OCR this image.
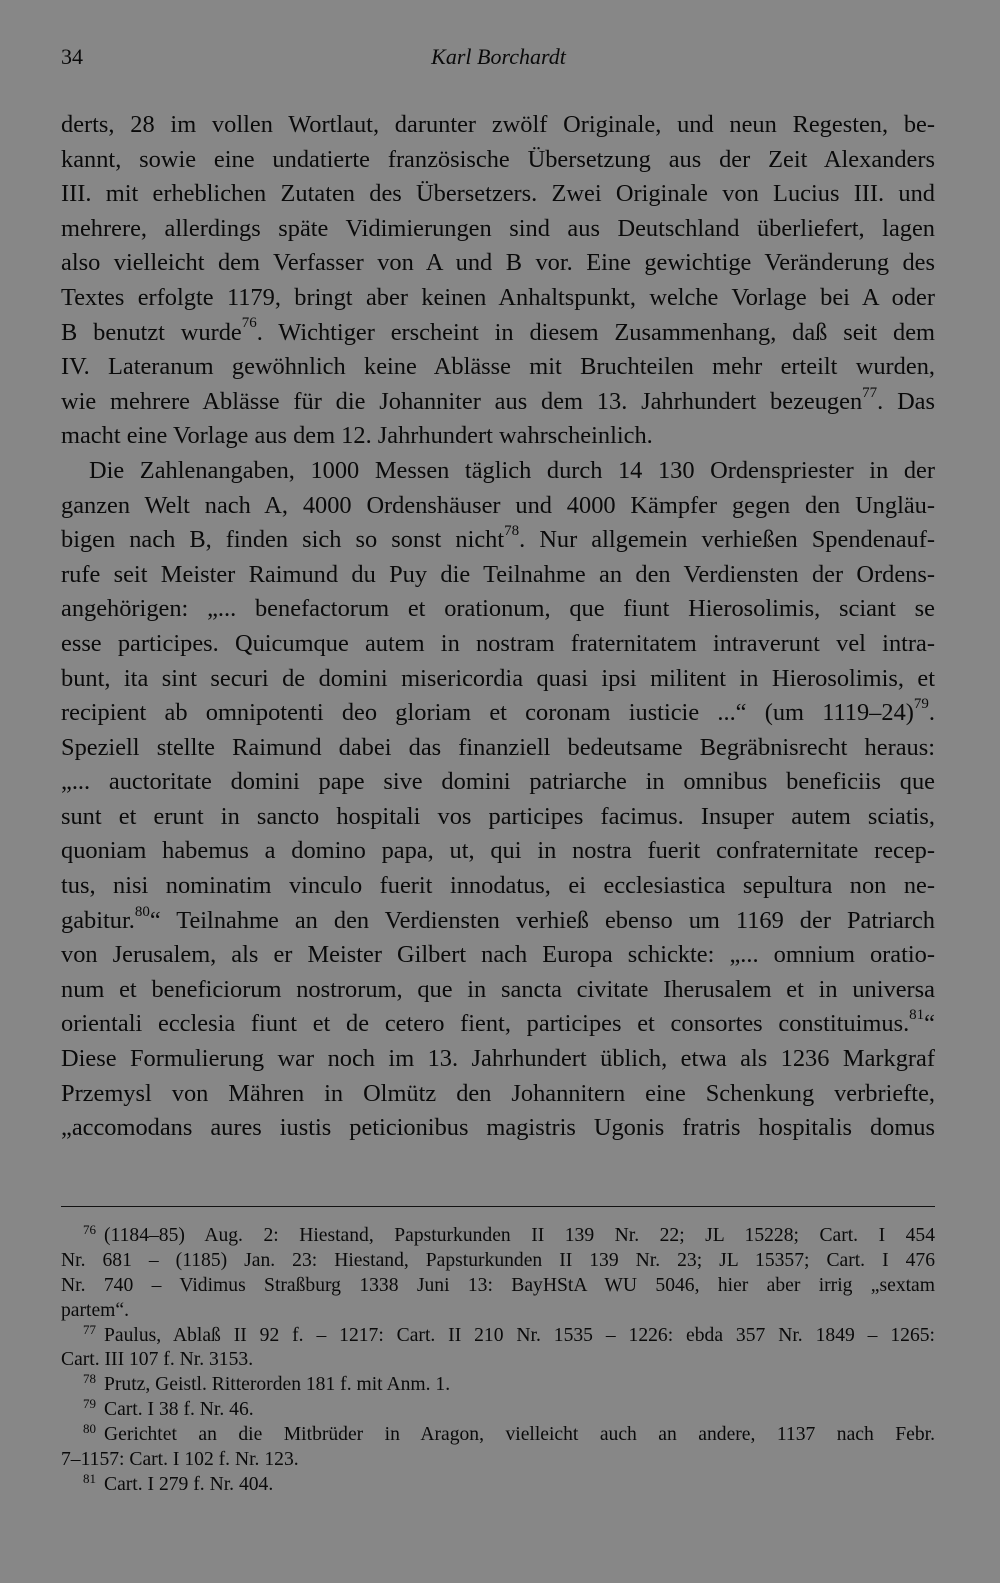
34	Karl Borchardt
derts, 28 im vollen Wortlaut, darunter zwölf Originale, und neun Regesten, be-
kannt, sowie eine undatierte französische Übersetzung aus der Zeit Alexanders
III. mit erheblichen Zutaten des Übersetzers. Zwei Originale von Lucius III. und
mehrere, allerdings späte Vidimierungen sind aus Deutschland überliefert, lagen
also vielleicht dem Verfasser von A und B vor. Eine gewichtige Veränderung des
Textes erfolgte 1179, bringt aber keinen Anhaltspunkt, welche Vorlage bei A oder
B benutzt wurde$^{76}$. Wichtiger erscheint in diesem Zusammenhang, daß seit dem
IV. Lateranum gewöhnlich keine Ablässe mit Bruchteilen mehr erteilt wurden,
wie mehrere Ablässe für die Johanniter aus dem 13. Jahrhundert bezeugen$^{77}$. Das
macht eine Vorlage aus dem 12. Jahrhundert wahrscheinlich.
Die Zahlenangaben, 1000 Messen täglich durch 14 130 Ordenspriester in der
ganzen Welt nach A, 4000 Ordenshäuser und 4000 Kämpfer gegen den Ungläu-
bigen nach B, finden sich so sonst nicht$^{78}$. Nur allgemein verhießen Spendenauf-
rufe seit Meister Raimund du Puy die Teilnahme an den Verdiensten der Ordens-
angehörigen: „... benefactorum et orationum, que fiunt Hierosolimis, sciant se
esse participes. Quicumque autem in nostram fraternitatem intraverunt vel intra-
bunt, ita sint securi de domini misericordia quasi ipsi militent in Hierosolimis, et
recipient ab omnipotenti deo gloriam et coronam iusticie ...“ (um 1119–24)$^{79}$.
Speziell stellte Raimund dabei das finanziell bedeutsame Begräbnisrecht heraus:
„... auctoritate domini pape sive domini patriarche in omnibus beneficiis que
sunt et erunt in sancto hospitali vos participes facimus. Insuper autem sciatis,
quoniam habemus a domino papa, ut, qui in nostra fuerit confraternitate recep-
tus, nisi nominatim vinculo fuerit innodatus, ei ecclesiastica sepultura non ne-
gabitur.$^{80}$“ Teilnahme an den Verdiensten verhieß ebenso um 1169 der Patriarch
von Jerusalem, als er Meister Gilbert nach Europa schickte: „... omnium oratio-
num et beneficiorum nostrorum, que in sancta civitate Iherusalem et in universa
orientali ecclesia fiunt et de cetero fient, participes et consortes constituimus.$^{81}$“
Diese Formulierung war noch im 13. Jahrhundert üblich, etwa als 1236 Markgraf
Przemysl von Mähren in Olmütz den Johannitern eine Schenkung verbriefte,
„accomodans aures iustis peticionibus magistris Ugonis fratris hospitalis domus
$^{76}$ (1184–85) Aug. 2: Hiestand, Papsturkunden II 139 Nr. 22; JL 15228; Cart. I 454
Nr. 681 – (1185) Jan. 23: Hiestand, Papsturkunden II 139 Nr. 23; JL 15357; Cart. I 476
Nr. 740 – Vidimus Straßburg 1338 Juni 13: BayHStA WU 5046, hier aber irrig „sextam
partem“.
$^{77}$ Paulus, Ablaß II 92 f. – 1217: Cart. II 210 Nr. 1535 – 1226: ebda 357 Nr. 1849 – 1265:
Cart. III 107 f. Nr. 3153.
$^{78}$ Prutz, Geistl. Ritterorden 181 f. mit Anm. 1.
$^{79}$ Cart. I 38 f. Nr. 46.
$^{80}$ Gerichtet an die Mitbrüder in Aragon, vielleicht auch an andere, 1137 nach Febr.
7–1157: Cart. I 102 f. Nr. 123.
$^{81}$ Cart. I 279 f. Nr. 404.
